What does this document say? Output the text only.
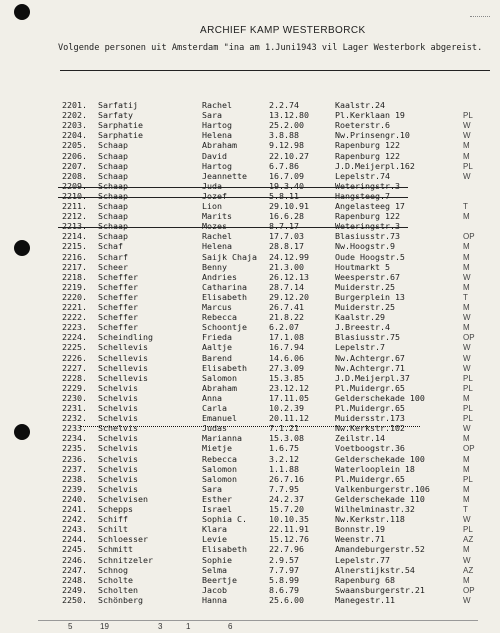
ARCHIEF KAMP WESTERBORCK
Volgende personen uit Amsterdam "ina am 1.Juni1943 vil Lager Westerbork abgereist.
2201. Sarfatij	Rachel	2.2.74	Kaalstr.24
2202. Sarfaty	Sara	13.12.80	Pl.Kerklaan 19	PL
2203. Sarphatie	Hartog	25.2.00	Roeterstr.6	W
2204. Sarphatie	Helena	3.8.88	Nw.Prinsengr.10	W
2205. Schaap	Abraham	9.12.98	Rapenburg 122	M
2206. Schaap	David	22.10.27	Rapenburg 122	M
2207. Schaap	Hartog	6.7.86	J.D.Meijerpl.162	PL
2208. Schaap	Jeannette	16.7.09	Lepelstr.74	W
2209. Schaap	Juda	19.3.40	Weteringstr.3
2210. Schaap	Jozef	5.8.11	Hangsteeg.7
2211. Schaap	Lion	29.10.91	Angelasteeg 17	T
2212. Schaap	Marits	16.6.28	Rapenburg 122	M
2213. Schaap	Mozes	8.7.17	Weteringstr.3
2214. Schaap	Rachel	17.7.03	Blasiusstr.73	OP
2215. Schaf	Helena	28.8.17	Nw.Hoogstr.9	M
2216. Scharf	Saijk Chaja 24.12.99	Oude Hoogstr.5	M
2217. Scheer	Benny	21.3.00	Houtmarkt 5	M
2218. Scheffer	Andries	26.12.13	Weesperstr.67	W
2219. Scheffer	Catharina	28.7.14	Muiderstr.25	M
2220. Scheffer	Elisabeth	29.12.20	Burgerplein 13	T
2221. Scheffer	Marcus	26.7.41	Muiderstr.25	M
2222. Scheffer	Rebecca	21.8.22	Kaalstr.29	W
2223. Scheffer	Schoontje	6.2.07	J.Breestr.4	M
2224. Scheindling	Frieda	17.1.08	Blasiusstr.75	OP
2225. Schellevis	Aaltje	16.7.94	Lepelstr.7	W
2226. Schellevis	Barend	14.6.06	Nw.Achtergr.67	W
2227. Schellevis	Elisabeth	27.3.09	Nw.Achtergr.71	W
2228. Schellevis	Salomon	15.3.85	J.D.Meijerpl.37	PL
2229. Schelvis	Abraham	23.12.12	Pl.Muidergr.65	PL
2230. Schelvis	Anna	17.11.05	Gelderschekade 100	M
2231. Schelvis	Carla	10.2.39	Pl.Muidergr.65	PL
2232. Schelvis	Emanuel	20.11.12	Muidersstr.173	PL
2233. Schelvis	Judas	7.1.21	Nw.Kerkstr.102	W
2234. Schelvis	Marianna	15.3.08	Zeilstr.14	M
2235. Schelvis	Mietje	1.6.75	Voetboogstr.36	OP
2236. Schelvis	Rebecca	3.2.12	Gelderschekade 100	M
2237. Schelvis	Salomon	1.1.88	Waterlooplein 18	M
2238. Schelvis	Salomon	26.7.16	Pl.Muidergr.65	PL
2239. Schelvis	Sara	7.7.95	Valkenburgerstr.106	M
2240. Schelvisen	Esther	24.2.37	Gelderschekade 110	M
2241. Schepps	Israel	15.7.20	Wilhelminastr.32	T
2242. Schiff	Sophia C.	10.10.35	Nw.Kerkstr.118	W
2243. Schilt	Klara	22.11.91	Bonnstr.19	PL
2244. Schloesser	Levie	15.12.76	Weenstr.71	AZ
2245. Schmitt	Elisabeth	22.7.96	Amandeburgerstr.52	M
2246. Schnitzeler	Sophie	2.9.57	Lepelstr.77	W
2247. Schnog	Selma	7.7.97	Alnerstijkstr.54	AZ
2248. Scholte	Beertje	5.8.99	Rapenburg 68	M
2249. Scholten	Jacob	8.6.79	Swaansburgerstr.21	OP
2250. Schönberg	Hanna	25.6.00	Manegestr.11	W
5	19	3	1	6
